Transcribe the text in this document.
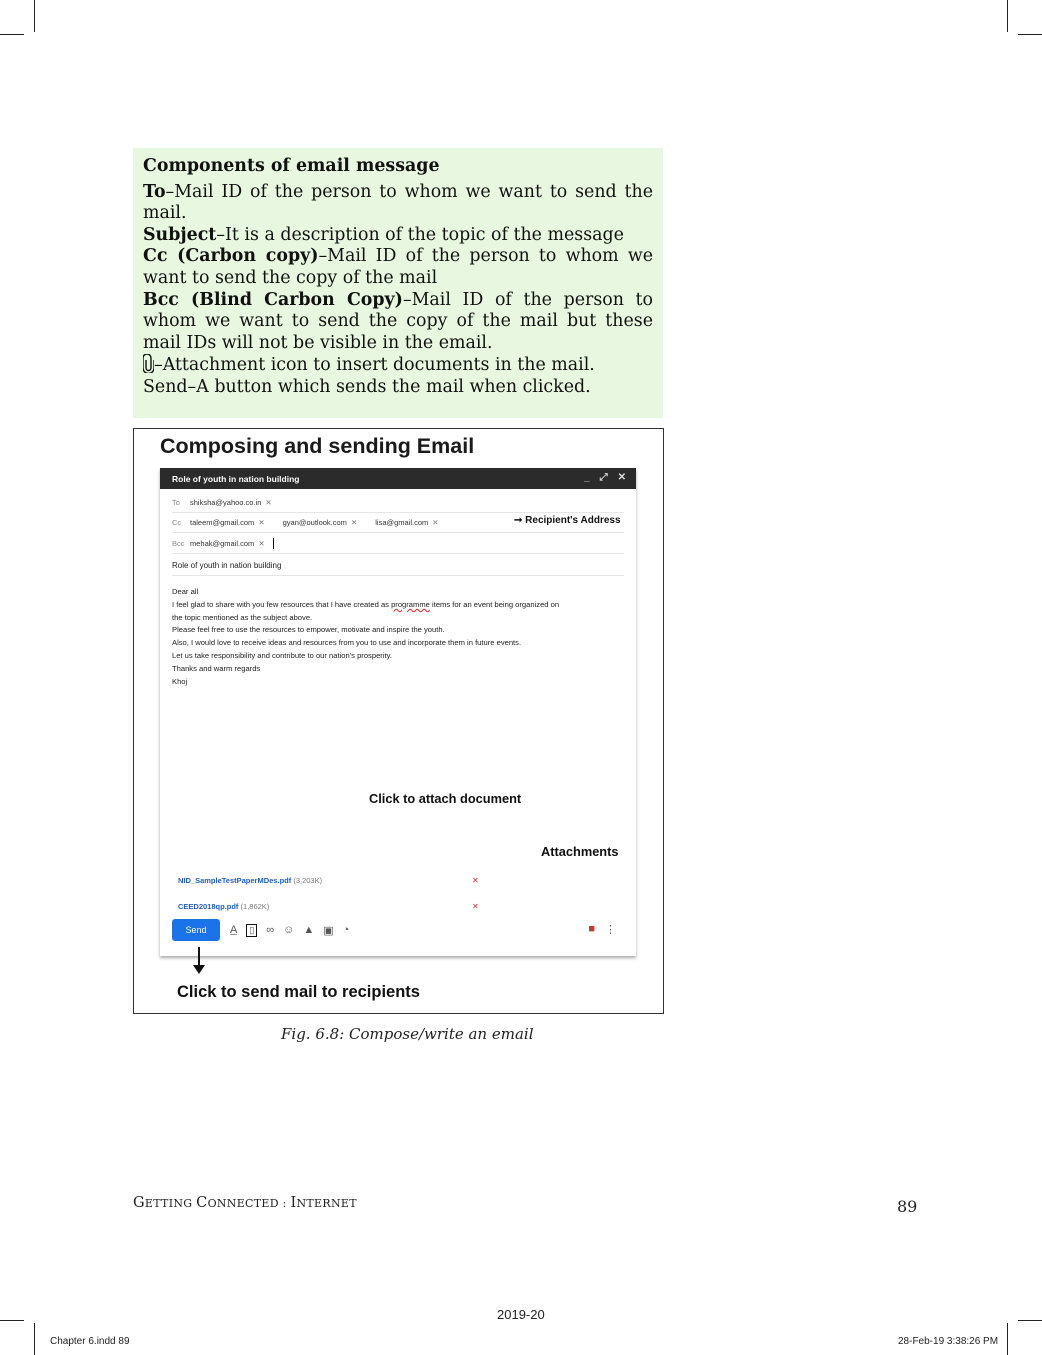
Components of email message

To–Mail ID of the person to whom we want to send the mail.

Subject–It is a description of the topic of the message

Cc (Carbon copy)–Mail ID of the person to whom we want to send the copy of the mail

Bcc (Blind Carbon Copy)–Mail ID of the person to whom we want to send the copy of the mail but these mail IDs will not be visible in the email.

–Attachment icon to insert documents in the mail.

Send–A button which sends the mail when clicked.

Composing and sending Email
Role of youth in nation building	_ ⤢ ✕
To	shiksha@yahoo.co.in ✕
Cc	taleem@gmail.com ✕ gyan@outlook.com ✕ lisa@gmail.com ✕	➞ Recipient's Address
Bcc mehak@gmail.com ✕
Role of youth in nation building
Dear all
I feel glad to share with you few resources that I have created as programme items for an event being organized on
the topic mentioned as the subject above.
Please feel free to use the resources to empower, motivate and inspire the youth.
Also, I would love to receive ideas and resources from you to use and incorporate them in future events.
Let us take responsibility and contribute to our nation's prosperity.
Thanks and warm regards
Khoj
Click to attach document
Attachments
NID_SampleTestPaperMDes.pdf (3,203K)	✕
CEED2018qp.pdf (1,862K)	✕
Send	A̲	▯ ∞ ☺ ▲ ▣ ◔	■ ⋮
Click to send mail to recipients
Fig. 6.8: Compose/write an email
GETTING CONNECTED : INTERNET	89
2019-20
Chapter 6.indd 89	28-Feb-19 3:38:26 PM
